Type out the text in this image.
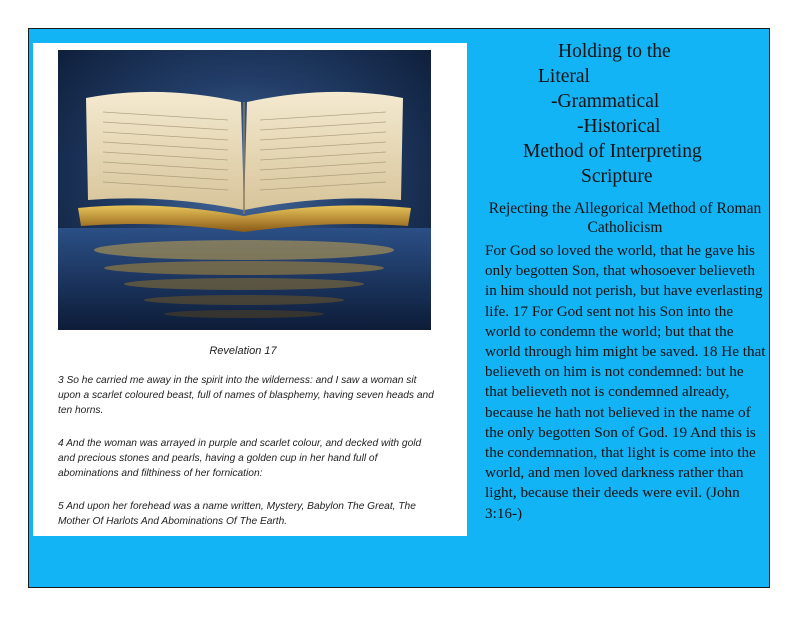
Revelation 17

3 So he carried me away in the spirit into the wilderness: and I saw a woman sit upon a scarlet coloured beast, full of names of blasphemy, having seven heads and ten horns.

4 And the woman was arrayed in purple and scarlet colour, and decked with gold and precious stones and pearls, having a golden cup in her hand full of abominations and filthiness of her fornication:

5 And upon her forehead was a name written, Mystery, Babylon The Great, The Mother Of Harlots And Abominations Of The Earth.

Holding to the
Literal
-Grammatical
-Historical
Method of Interpreting
Scripture
Rejecting the Allegorical Method of Roman Catholicism
For God so loved the world, that he gave his only begotten Son, that whosoever believeth in him should not perish, but have everlasting life. 17 For God sent not his Son into the world to condemn the world; but that the world through him might be saved. 18 He that believeth on him is not condemned: but he that believeth not is condemned already, because he hath not believed in the name of the only begotten Son of God. 19 And this is the condemnation, that light is come into the world, and men loved darkness rather than light, because their deeds were evil. (John 3:16-)
